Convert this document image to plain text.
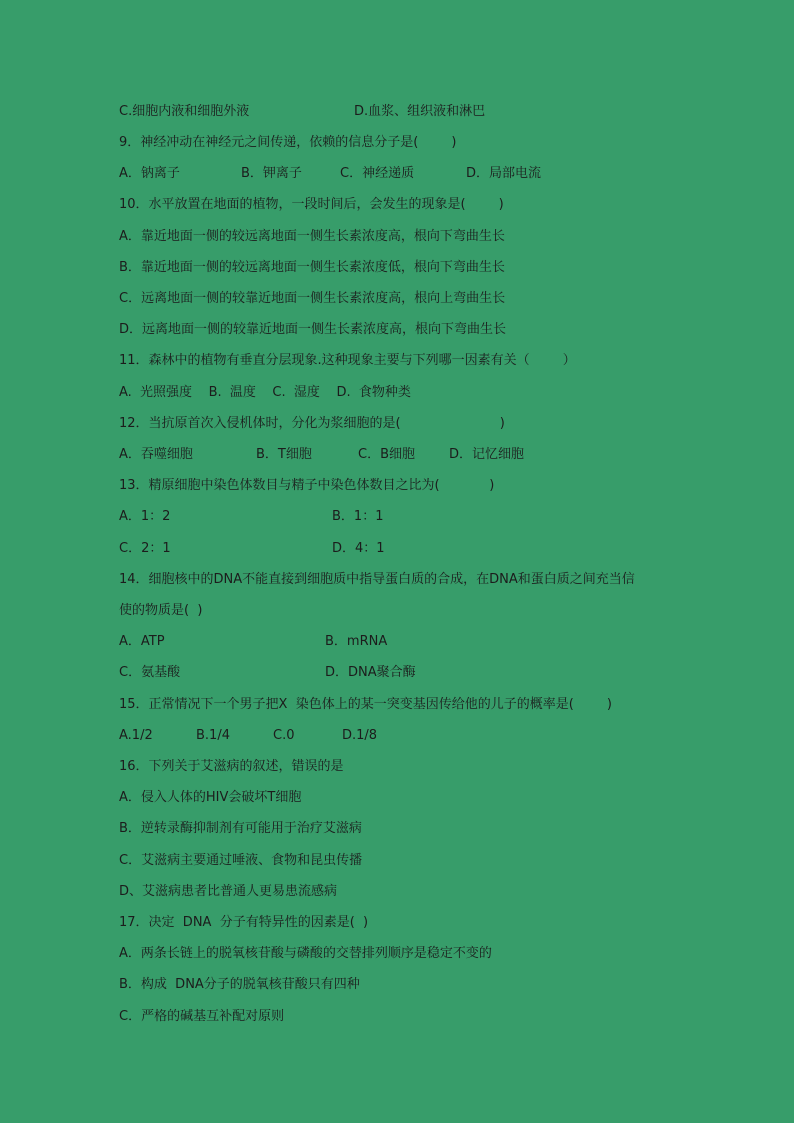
C.细胞内液和细胞外液	D.血浆、组织液和淋巴
9．神经冲动在神经元之间传递，依赖的信息分子是(        )
A．钠离子	B．钾离子	C．神经递质	D．局部电流
10．水平放置在地面的植物，一段时间后，会发生的现象是(        )
A．靠近地面一侧的较远离地面一侧生长素浓度高，根向下弯曲生长
B．靠近地面一侧的较远离地面一侧生长素浓度低，根向下弯曲生长
C．远离地面一侧的较靠近地面一侧生长素浓度高，根向上弯曲生长
D．远离地面一侧的较靠近地面一侧生长素浓度高，根向下弯曲生长
11．森林中的植物有垂直分层现象.这种现象主要与下列哪一因素有关（        ）
A.  光照强度    B.  温度    C.  湿度    D.  食物种类
12．当抗原首次入侵机体时，分化为浆细胞的是(                        )
A．吞噬细胞	B．T细胞	C．B细胞	D．记忆细胞
13．精原细胞中染色体数目与精子中染色体数目之比为(            )
A．1：2	B．1：1
C．2：1	D．4：1
14．细胞核中的DNA不能直接到细胞质中指导蛋白质的合成，在DNA和蛋白质之间充当信
使的物质是(  )
A．ATP	B．mRNA
C．氨基酸	D．DNA聚合酶
15．正常情况下一个男子把X  染色体上的某一突变基因传给他的儿子的概率是(        )
A.1/2	B.1/4	C.0	D.1/8
16．下列关于艾滋病的叙述，错误的是
A．侵入人体的HIV会破坏T细胞
B．逆转录酶抑制剂有可能用于治疗艾滋病
C．艾滋病主要通过唾液、食物和昆虫传播
D、艾滋病患者比普通人更易患流感病
17．决定  DNA  分子有特异性的因素是(  )
A．两条长链上的脱氧核苷酸与磷酸的交替排列顺序是稳定不变的
B．构成  DNA分子的脱氧核苷酸只有四种
C．严格的碱基互补配对原则
